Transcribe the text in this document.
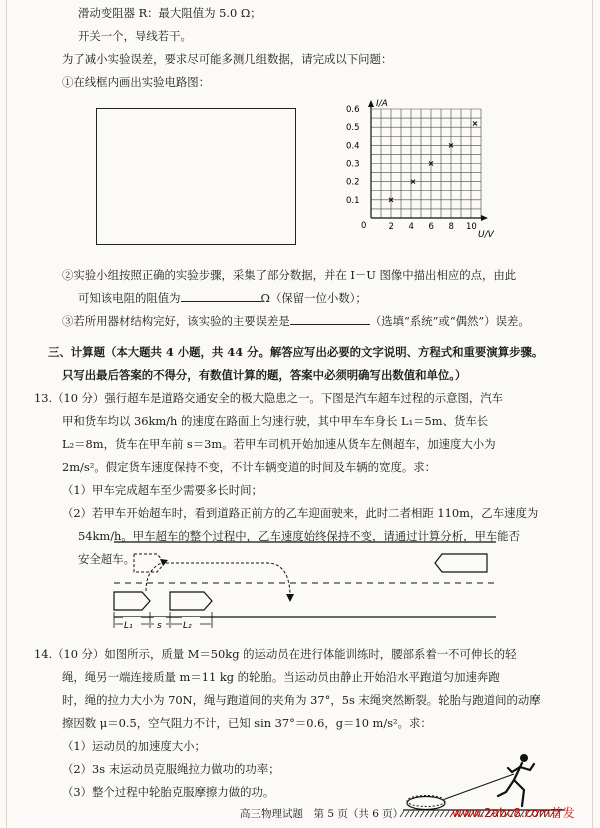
滑动变阻器 R：最大阻值为 5.0 Ω；
开关一个，导线若干。
为了减小实验误差，要求尽可能多测几组数据，请完成以下问题：
①在线框内画出实验电路图：
I/A
U/V
0
0.6
0.5
0.4
0.3
0.2
0.1
2 4 6 8 10
②实验小组按照正确的实验步骤，采集了部分数据，并在 I－U 图像中描出相应的点，由此
可知该电阻的阻值为	Ω（保留一位小数）；
③若所用器材结构完好，该实验的主要误差是	（选填“系统”或“偶然”）误差。
三、计算题（本大题共 4 小题，共 44 分。解答应写出必要的文字说明、方程式和重要演算步骤。
只写出最后答案的不得分，有数值计算的题，答案中必须明确写出数值和单位。）
13.（10 分）强行超车是道路交通安全的极大隐患之一。下图是汽车超车过程的示意图，汽车
甲和货车均以 36km/h 的速度在路面上匀速行驶，其中甲车车身长 L₁＝5m、货车长
L₂＝8m，货车在甲车前 s＝3m。若甲车司机开始加速从货车左侧超车，加速度大小为
2m/s²。假定货车速度保持不变，不计车辆变道的时间及车辆的宽度。求：
（1）甲车完成超车至少需要多长时间；
（2）若甲车开始超车时，看到道路正前方的乙车迎面驶来，此时二者相距 110m，乙车速度为
54km/h。甲车超车的整个过程中，乙车速度始终保持不变，请通过计算分析，甲车能否
安全超车。
L₁	s L₂
14.（10 分）如图所示，质量 M＝50kg 的运动员在进行体能训练时，腰部系着一不可伸长的轻
绳，绳另一端连接质量 m＝11 kg 的轮胎。当运动员由静止开始沿水平跑道匀加速奔跑
时，绳的拉力大小为 70N，绳与跑道间的夹角为 37°，5s 末绳突然断裂。轮胎与跑道间的动摩
擦因数 μ＝0.5，空气阻力不计，已知 sin 37°＝0.6，g＝10 m/s²。求：
（1）运动员的加速度大小；
（2）3s 末运动员克服绳拉力做功的功率；
（3）整个过程中轮胎克服摩擦力做的功。
高三物理试题　第 5 页（共 6 页）	www.2abc8.com首发
